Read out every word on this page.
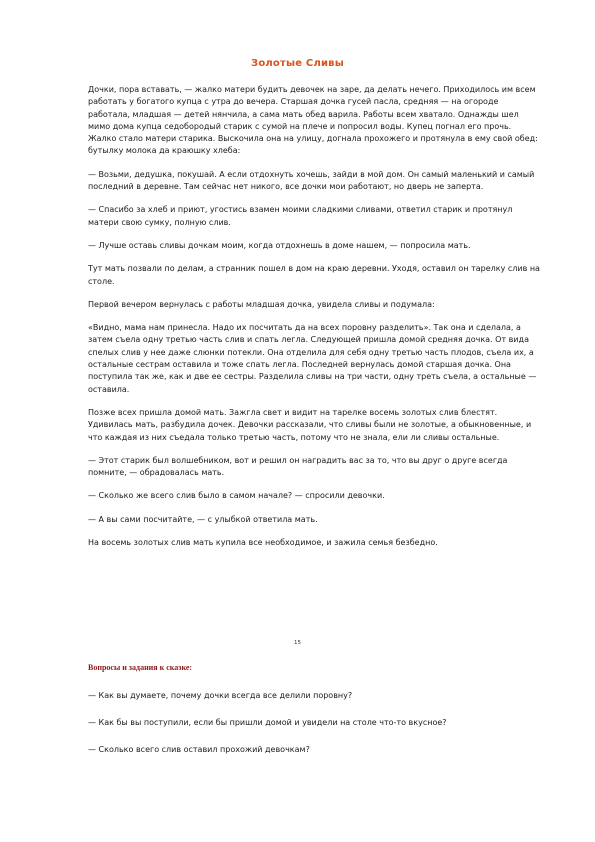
Золотые Сливы

Дочки, пора вставать, — жалко матери будить девочек на заре, да делать нечего. Приходилось им всем работать у богатого купца с утра до вечера. Старшая дочка гусей пасла, средняя — на огороде работала, младшая — детей нянчила, а сама мать обед варила. Работы всем хватало. Однажды шел мимо дома купца седобородый старик с сумой на плече и попросил воды. Купец погнал его прочь. Жалко стало матери старика. Выскочила она на улицу, догнала прохожего и протянула в ему свой обед: бутылку молока да краюшку хлеба:

— Возьми, дедушка, покушай. А если отдохнуть хочешь, зайди в мой дом. Он самый маленький и самый последний в деревне. Там сейчас нет никого, все дочки мои работают, но дверь не заперта.

— Спасибо за хлеб и приют, угостись взамен моими сладкими сливами, ответил старик и протянул матери свою сумку, полную слив.

— Лучше оставь сливы дочкам моим, когда отдохнешь в доме нашем, — попросила мать.

Тут мать позвали по делам, а странник пошел в дом на краю деревни. Уходя, оставил он тарелку слив на столе.

Первой вечером вернулась с работы младшая дочка, увидела сливы и подумала:

«Видно, мама нам принесла. Надо их посчитать да на всех поровну разделить». Так она и сделала, а затем съела одну третью часть слив и спать легла. Следующей пришла домой средняя дочка. От вида спелых слив у нее даже слюнки потекли. Она отделила для себя одну третью часть плодов, съела их, а остальные сестрам оставила и тоже спать легла. Последней вернулась домой старшая дочка. Она поступила так же, как и две ее сестры. Разделила сливы на три части, одну треть съела, а остальные — оставила.

Позже всех пришла домой мать. Зажгла свет и видит на тарелке восемь золотых слив блестят. Удивилась мать, разбудила дочек. Девочки рассказали, что сливы были не золотые, а обыкновенные, и что каждая из них съедала только третью часть, потому что не знала, ели ли сливы остальные.

— Этот старик был волшебником, вот и решил он наградить вас за то, что вы друг о друге всегда помните, — обрадовалась мать.

— Сколько же всего слив было в самом начале? — спросили девочки.

— А вы сами посчитайте, — с улыбкой ответила мать.

На восемь золотых слив мать купила все необходимое, и зажила семья безбедно.

15
Вопросы и задания к сказке:

— Как вы думаете, почему дочки всегда все делили поровну?

— Как бы вы поступили, если бы пришли домой и увидели на столе что-то вкусное?

— Сколько всего слив оставил прохожий девочкам?
